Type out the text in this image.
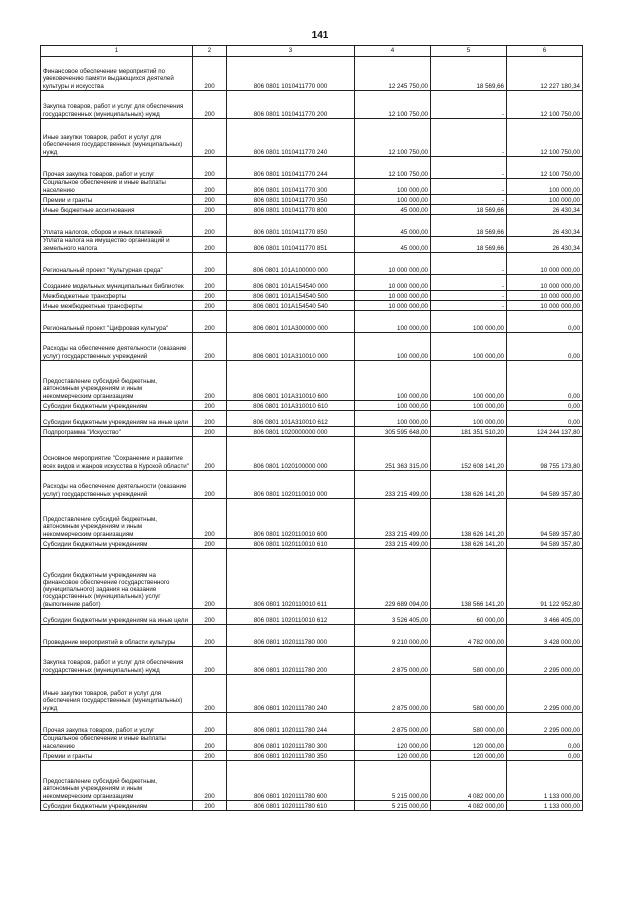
141
1	2	3	4	5	6
Финансовое обеспечение мероприятий по увековечению памяти выдающихся деятелей культуры и искусства	200	806 0801 1010411770 000	12 245 750,00	18 569,66	12 227 180,34
Закупка товаров, работ и услуг для обеспечения государственных (муниципальных) нужд	200	806 0801 1010411770 200	12 100 750,00	-	12 100 750,00
Иные закупки товаров, работ и услуг для обеспечения государственных (муниципальных) нужд	200	806 0801 1010411770 240	12 100 750,00	-	12 100 750,00
Прочая закупка товаров, работ и услуг	200	806 0801 1010411770 244	12 100 750,00	-	12 100 750,00
Социальное обеспечение и иные выплаты населению	200	806 0801 1010411770 300	100 000,00	-	100 000,00
Премии и гранты	200	806 0801 1010411770 350	100 000,00	-	100 000,00
Иные бюджетные ассигнования	200	806 0801 1010411770 800	45 000,00	18 569,66	26 430,34
Уплата налогов, сборов и иных платежей	200	806 0801 1010411770 850	45 000,00	18 569,66	26 430,34
Уплата налога на имущество организаций и земельного налога	200	806 0801 1010411770 851	45 000,00	18 569,66	26 430,34
Региональный проект "Культурная среда"	200	806 0801 101A100000 000	10 000 000,00	-	10 000 000,00
Создание модельных муниципальных библиотек	200	806 0801 101A154540 000	10 000 000,00	-	10 000 000,00
Межбюджетные трансферты	200	806 0801 101A154540 500	10 000 000,00	-	10 000 000,00
Иные межбюджетные трансферты	200	806 0801 101A154540 540	10 000 000,00	-	10 000 000,00
Региональный проект "Цифровая культура"	200	806 0801 101A300000 000	100 000,00	100 000,00	0,00
Расходы на обеспечение деятельности (оказание услуг) государственных учреждений	200	806 0801 101A310010 000	100 000,00	100 000,00	0,00
Предоставление субсидий бюджетным, автономным учреждениям и иным некоммерческим организациям	200	806 0801 101A310010 600	100 000,00	100 000,00	0,00
Субсидии бюджетным учреждениям	200	806 0801 101A310010 610	100 000,00	100 000,00	0,00
Субсидии бюджетным учреждениям на иные цели	200	806 0801 101A310010 612	100 000,00	100 000,00	0,00
Подпрограмма "Искусство"	200	806 0801 1020000000 000	305 595 648,00	181 351 510,20	124 244 137,80
Основное мероприятие "Сохранение и развитие всех видов и жанров искусства в Курской области"	200	806 0801 1020100000 000	251 363 315,00	152 608 141,20	98 755 173,80
Расходы на обеспечение деятельности (оказание услуг) государственных учреждений	200	806 0801 1020110010 000	233 215 499,00	138 626 141,20	94 589 357,80
Предоставление субсидий бюджетным, автономным учреждениям и иным некоммерческим организациям	200	806 0801 1020110010 600	233 215 499,00	138 626 141,20	94 589 357,80
Субсидии бюджетным учреждениям	200	806 0801 1020110010 610	233 215 499,00	138 626 141,20	94 589 357,80
Субсидии бюджетным учреждениям на финансовое обеспечение государственного (муниципального) задания на оказание государственных (муниципальных) услуг (выполнение работ)	200	806 0801 1020110010 611	229 689 094,00	138 566 141,20	91 122 952,80
Субсидии бюджетным учреждениям на иные цели	200	806 0801 1020110010 612	3 526 405,00	60 000,00	3 466 405,00
Проведение мероприятий в области культуры	200	806 0801 1020111780 000	9 210 000,00	4 782 000,00	3 428 000,00
Закупка товаров, работ и услуг для обеспечения государственных (муниципальных) нужд	200	806 0801 1020111780 200	2 875 000,00	580 000,00	2 295 000,00
Иные закупки товаров, работ и услуг для обеспечения государственных (муниципальных) нужд	200	806 0801 1020111780 240	2 875 000,00	580 000,00	2 295 000,00
Прочая закупка товаров, работ и услуг	200	806 0801 1020111780 244	2 875 000,00	580 000,00	2 295 000,00
Социальное обеспечение и иные выплаты населению	200	806 0801 1020111780 300	120 000,00	120 000,00	0,00
Премии и гранты	200	806 0801 1020111780 350	120 000,00	120 000,00	0,00
Предоставление субсидий бюджетным, автономным учреждениям и иным некоммерческим организациям	200	806 0801 1020111780 600	5 215 000,00	4 082 000,00	1 133 000,00
Субсидии бюджетным учреждениям	200	806 0801 1020111780 610	5 215 000,00	4 082 000,00	1 133 000,00
